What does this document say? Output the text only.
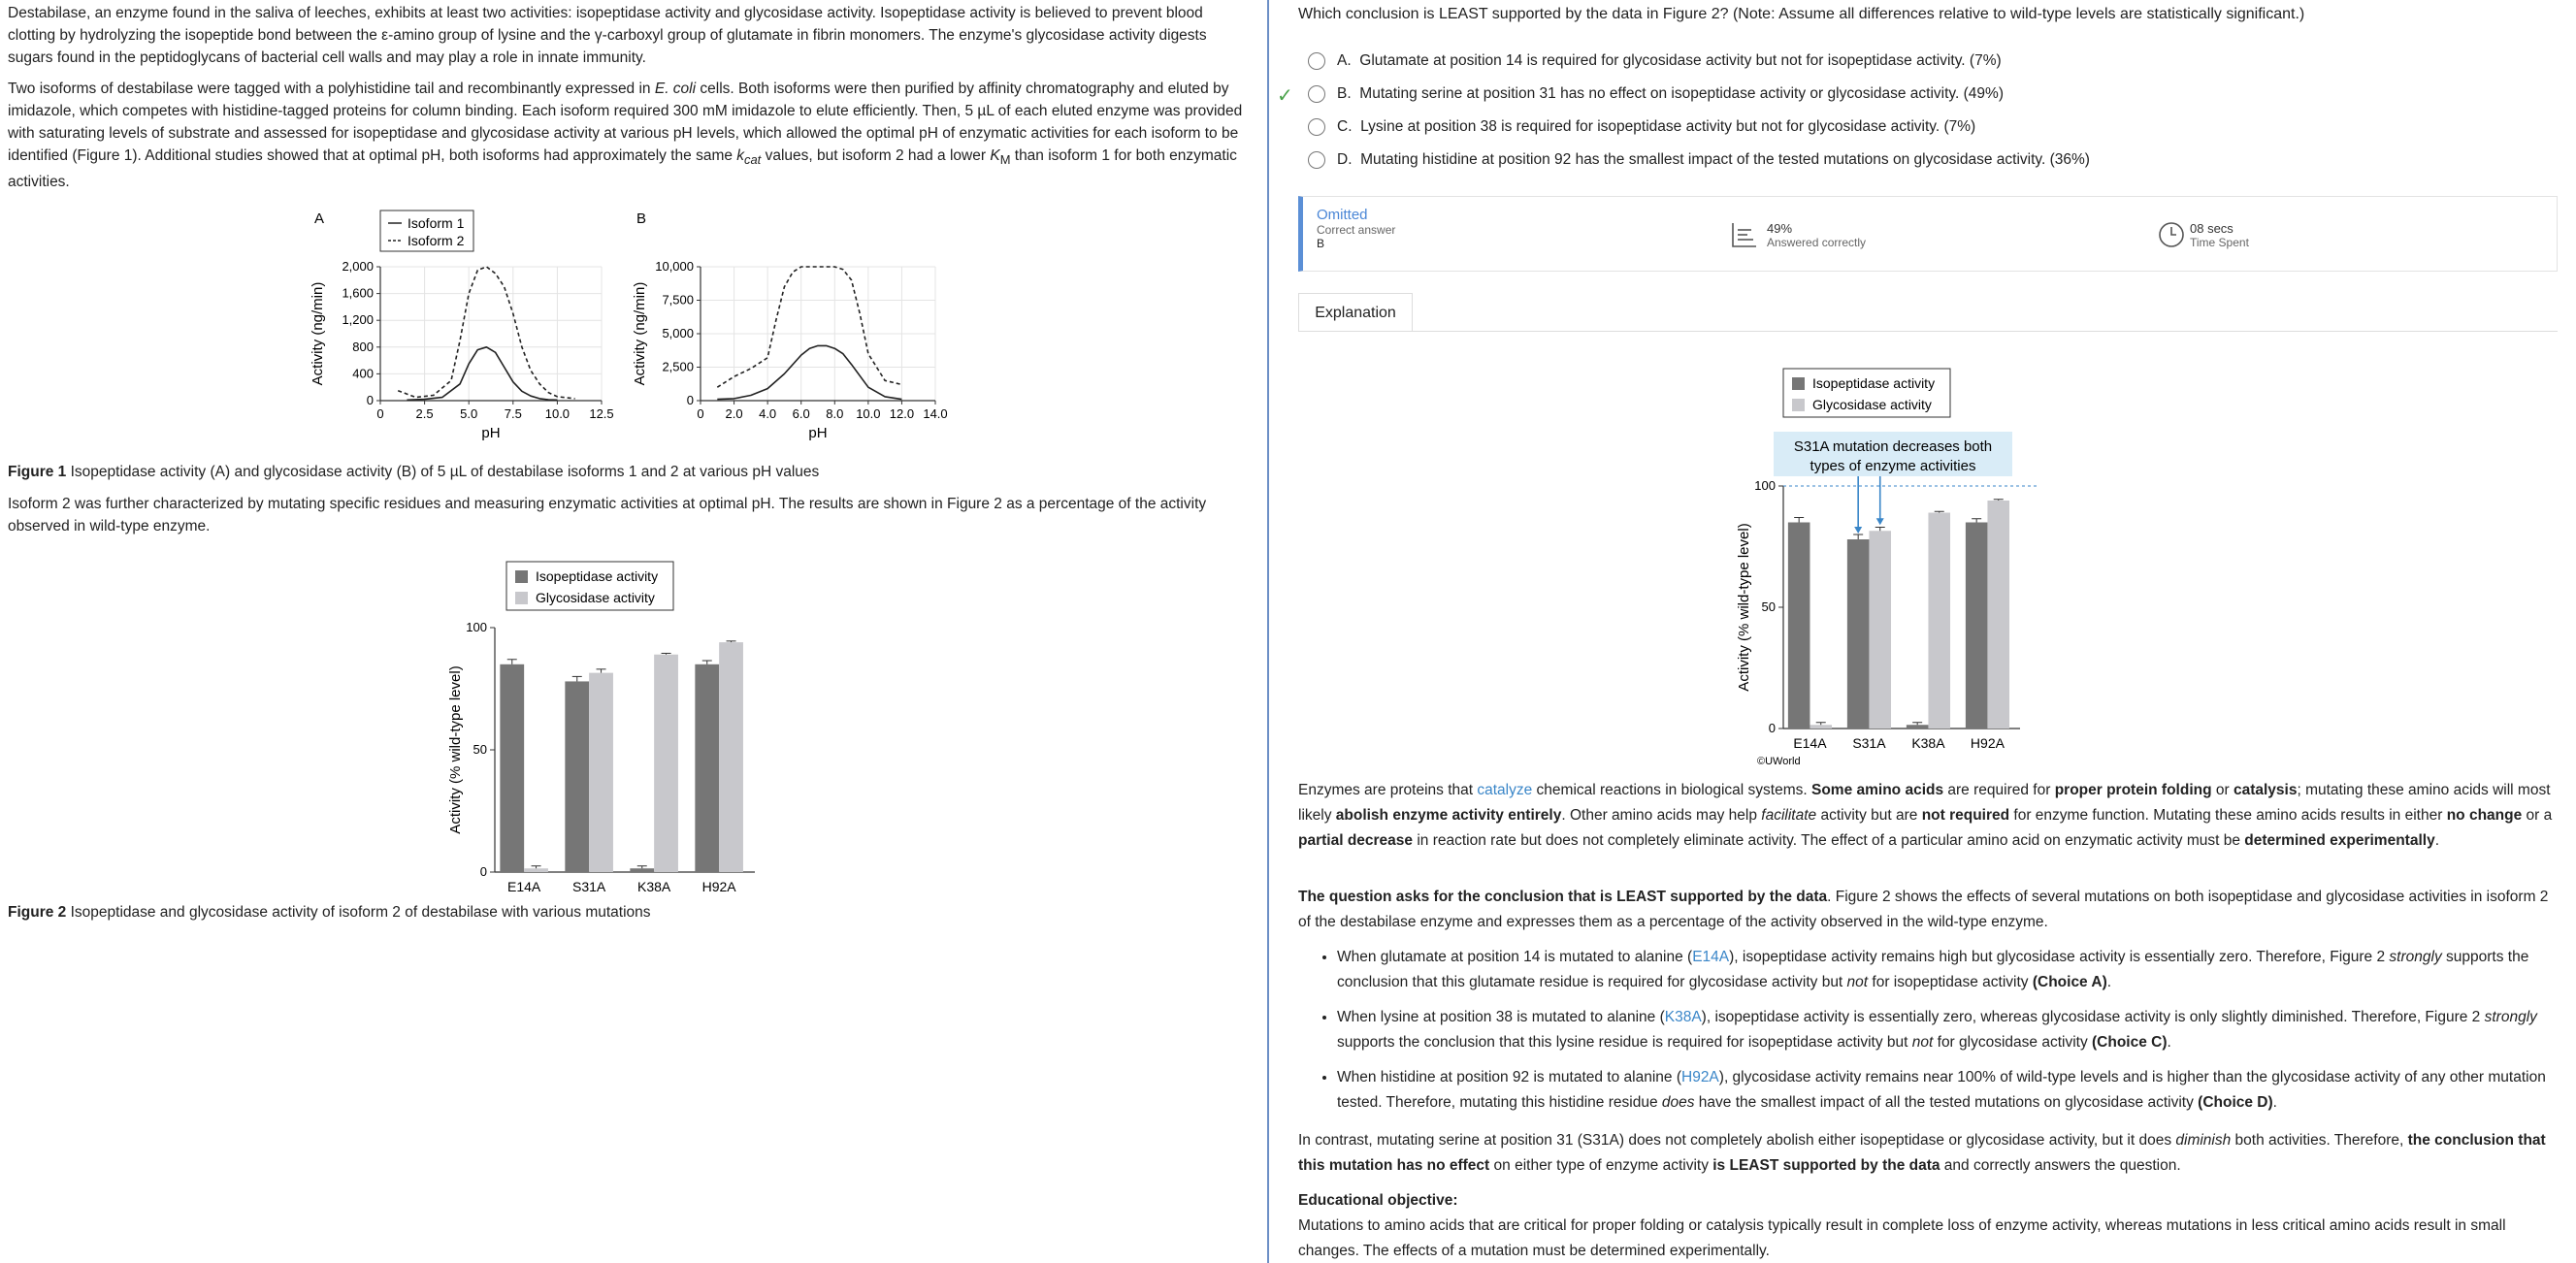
Destabilase, an enzyme found in the saliva of leeches, exhibits at least two activities: isopeptidase activity and glycosidase activity. Isopeptidase activity is believed to prevent blood clotting by hydrolyzing the isopeptide bond between the ε-amino group of lysine and the γ-carboxyl group of glutamate in fibrin monomers. The enzyme's glycosidase activity digests sugars found in the peptidoglycans of bacterial cell walls and may play a role in innate immunity.

Two isoforms of destabilase were tagged with a polyhistidine tail and recombinantly expressed in E. coli cells. Both isoforms were then purified by affinity chromatography and eluted by imidazole, which competes with histidine-tagged proteins for column binding. Each isoform required 300 mM imidazole to elute efficiently. Then, 5 µL of each eluted enzyme was provided with saturating levels of substrate and assessed for isopeptidase and glycosidase activity at various pH levels, which allowed the optimal pH of enzymatic activities for each isoform to be identified (Figure 1). Additional studies showed that at optimal pH, both isoforms had approximately the same $k_{cat}$ values, but isoform 2 had a lower $K_M$ than isoform 1 for both enzymatic activities.

A
0	2.5 5.0 7.5 10.0 12.5
0
400
800
1,200
1,600
2,000
pH
Activity (ng/min)
B
0 2.0 4.0 6.0 8.0 10.0 12.0 14.0
0
2,500
5,000
7,500
10,000
pH
Activity (ng/min)
Isoform 1
Isoform 2
Figure 1 Isopeptidase activity (A) and glycosidase activity (B) of 5 µL of destabilase isoforms 1 and 2 at various pH values

Isoform 2 was further characterized by mutating specific residues and measuring enzymatic activities at optimal pH. The results are shown in Figure 2 as a percentage of the activity observed in wild-type enzyme.

Isopeptidase activity
Glycosidase activity
0
50
100
Activity (% wild-type level)
E14A S31A K38A H92A
Figure 2 Isopeptidase and glycosidase activity of isoform 2 of destabilase with various mutations
Which conclusion is LEAST supported by the data in Figure 2? (Note: Assume all differences relative to wild-type levels are statistically significant.)
A.
Glutamate at position 14 is required for glycosidase activity but not for isopeptidase activity. (7%)
✓	B.
Mutating serine at position 31 has no effect on isopeptidase activity or glycosidase activity. (49%)
C.
Lysine at position 38 is required for isopeptidase activity but not for glycosidase activity. (7%)
D.
Mutating histidine at position 92 has the smallest impact of the tested mutations on glycosidase activity. (36%)
Omitted
Correct answer
B
49%
Answered correctly
08 secs
Time Spent
Explanation
Isopeptidase activity
Glycosidase activity
0
50
100
Activity (% wild-type level)
E14A S31A K38A H92A
S31A mutation decreases both
types of enzyme activities
©UWorld

Enzymes are proteins that catalyze chemical reactions in biological systems. Some amino acids are required for proper protein folding or catalysis; mutating these amino acids will most likely abolish enzyme activity entirely. Other amino acids may help facilitate activity but are not required for enzyme function. Mutating these amino acids results in either no change or a partial decrease in reaction rate but does not completely eliminate activity. The effect of a particular amino acid on enzymatic activity must be determined experimentally.

The question asks for the conclusion that is LEAST supported by the data. Figure 2 shows the effects of several mutations on both isopeptidase and glycosidase activities in isoform 2 of the destabilase enzyme and expresses them as a percentage of the activity observed in the wild-type enzyme.

• When glutamate at position 14 is mutated to alanine (E14A), isopeptidase activity remains high but glycosidase activity is essentially zero. Therefore, Figure 2 strongly supports the conclusion that this glutamate residue is required for glycosidase activity but not for isopeptidase activity (Choice A).
• When lysine at position 38 is mutated to alanine (K38A), isopeptidase activity is essentially zero, whereas glycosidase activity is only slightly diminished. Therefore, Figure 2 strongly supports the conclusion that this lysine residue is required for isopeptidase activity but not for glycosidase activity (Choice C).
• When histidine at position 92 is mutated to alanine (H92A), glycosidase activity remains near 100% of wild-type levels and is higher than the glycosidase activity of any other mutation tested. Therefore, mutating this histidine residue does have the smallest impact of all the tested mutations on glycosidase activity (Choice D).

In contrast, mutating serine at position 31 (S31A) does not completely abolish either isopeptidase or glycosidase activity, but it does diminish both activities. Therefore, the conclusion that this mutation has no effect on either type of enzyme activity is LEAST supported by the data and correctly answers the question.

Educational objective:

Mutations to amino acids that are critical for proper folding or catalysis typically result in complete loss of enzyme activity, whereas mutations in less critical amino acids result in small changes. The effects of a mutation must be determined experimentally.
